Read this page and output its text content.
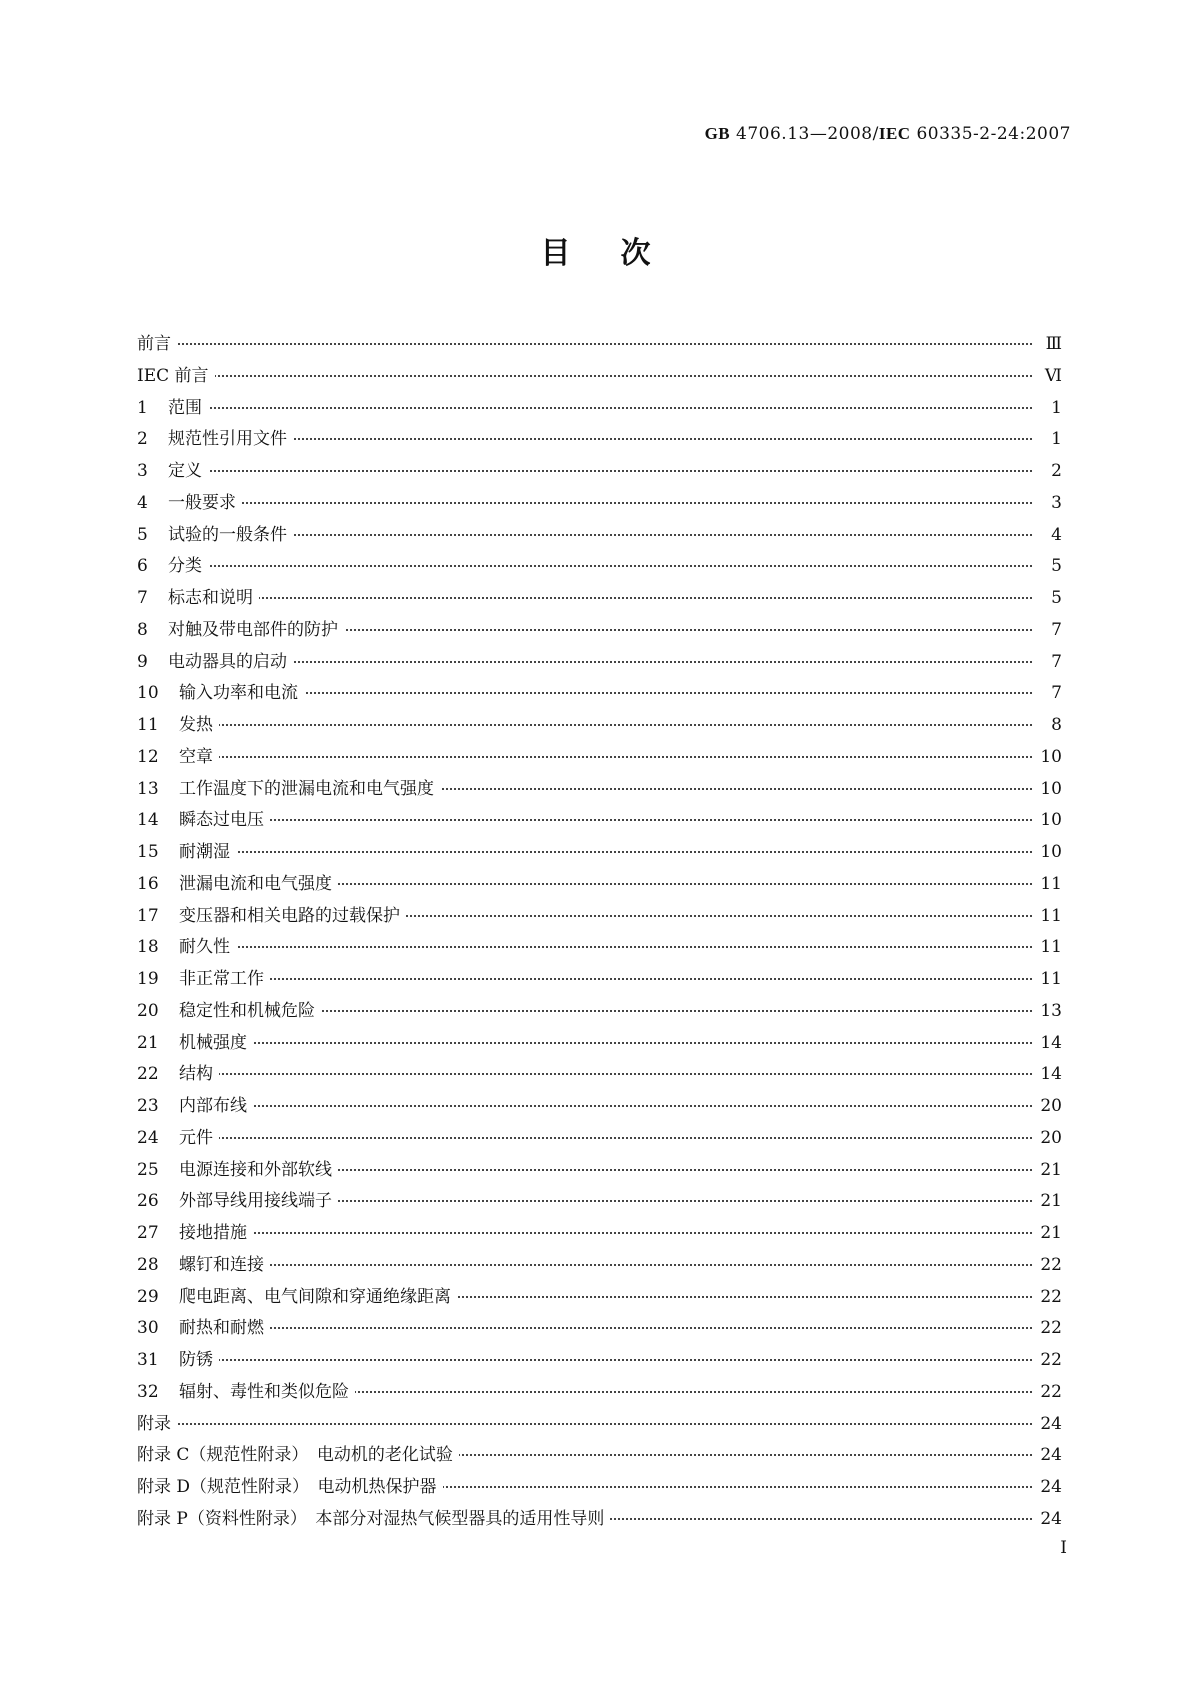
GB 4706.13—2008/IEC 60335-2-24:2007
目次
前言	Ⅲ
IEC 前言	Ⅵ
1 范围	1
2 规范性引用文件	1
3 定义	2
4 一般要求	3
5 试验的一般条件	4
6 分类	5
7 标志和说明	5
8 对触及带电部件的防护	7
9 电动器具的启动	7
10 输入功率和电流	7
11 发热	8
12 空章	10
13 工作温度下的泄漏电流和电气强度	10
14 瞬态过电压	10
15 耐潮湿	10
16 泄漏电流和电气强度	11
17 变压器和相关电路的过载保护	11
18 耐久性	11
19 非正常工作	11
20 稳定性和机械危险	13
21 机械强度	14
22 结构	14
23 内部布线	20
24 元件	20
25 电源连接和外部软线	21
26 外部导线用接线端子	21
27 接地措施	21
28 螺钉和连接	22
29 爬电距离、电气间隙和穿通绝缘距离	22
30 耐热和耐燃	22
31 防锈	22
32 辐射、毒性和类似危险	22
附录	24
附录 C（规范性附录）　电动机的老化试验	24
附录 D（规范性附录）　电动机热保护器	24
附录 P（资料性附录）　本部分对湿热气候型器具的适用性导则	24
I
